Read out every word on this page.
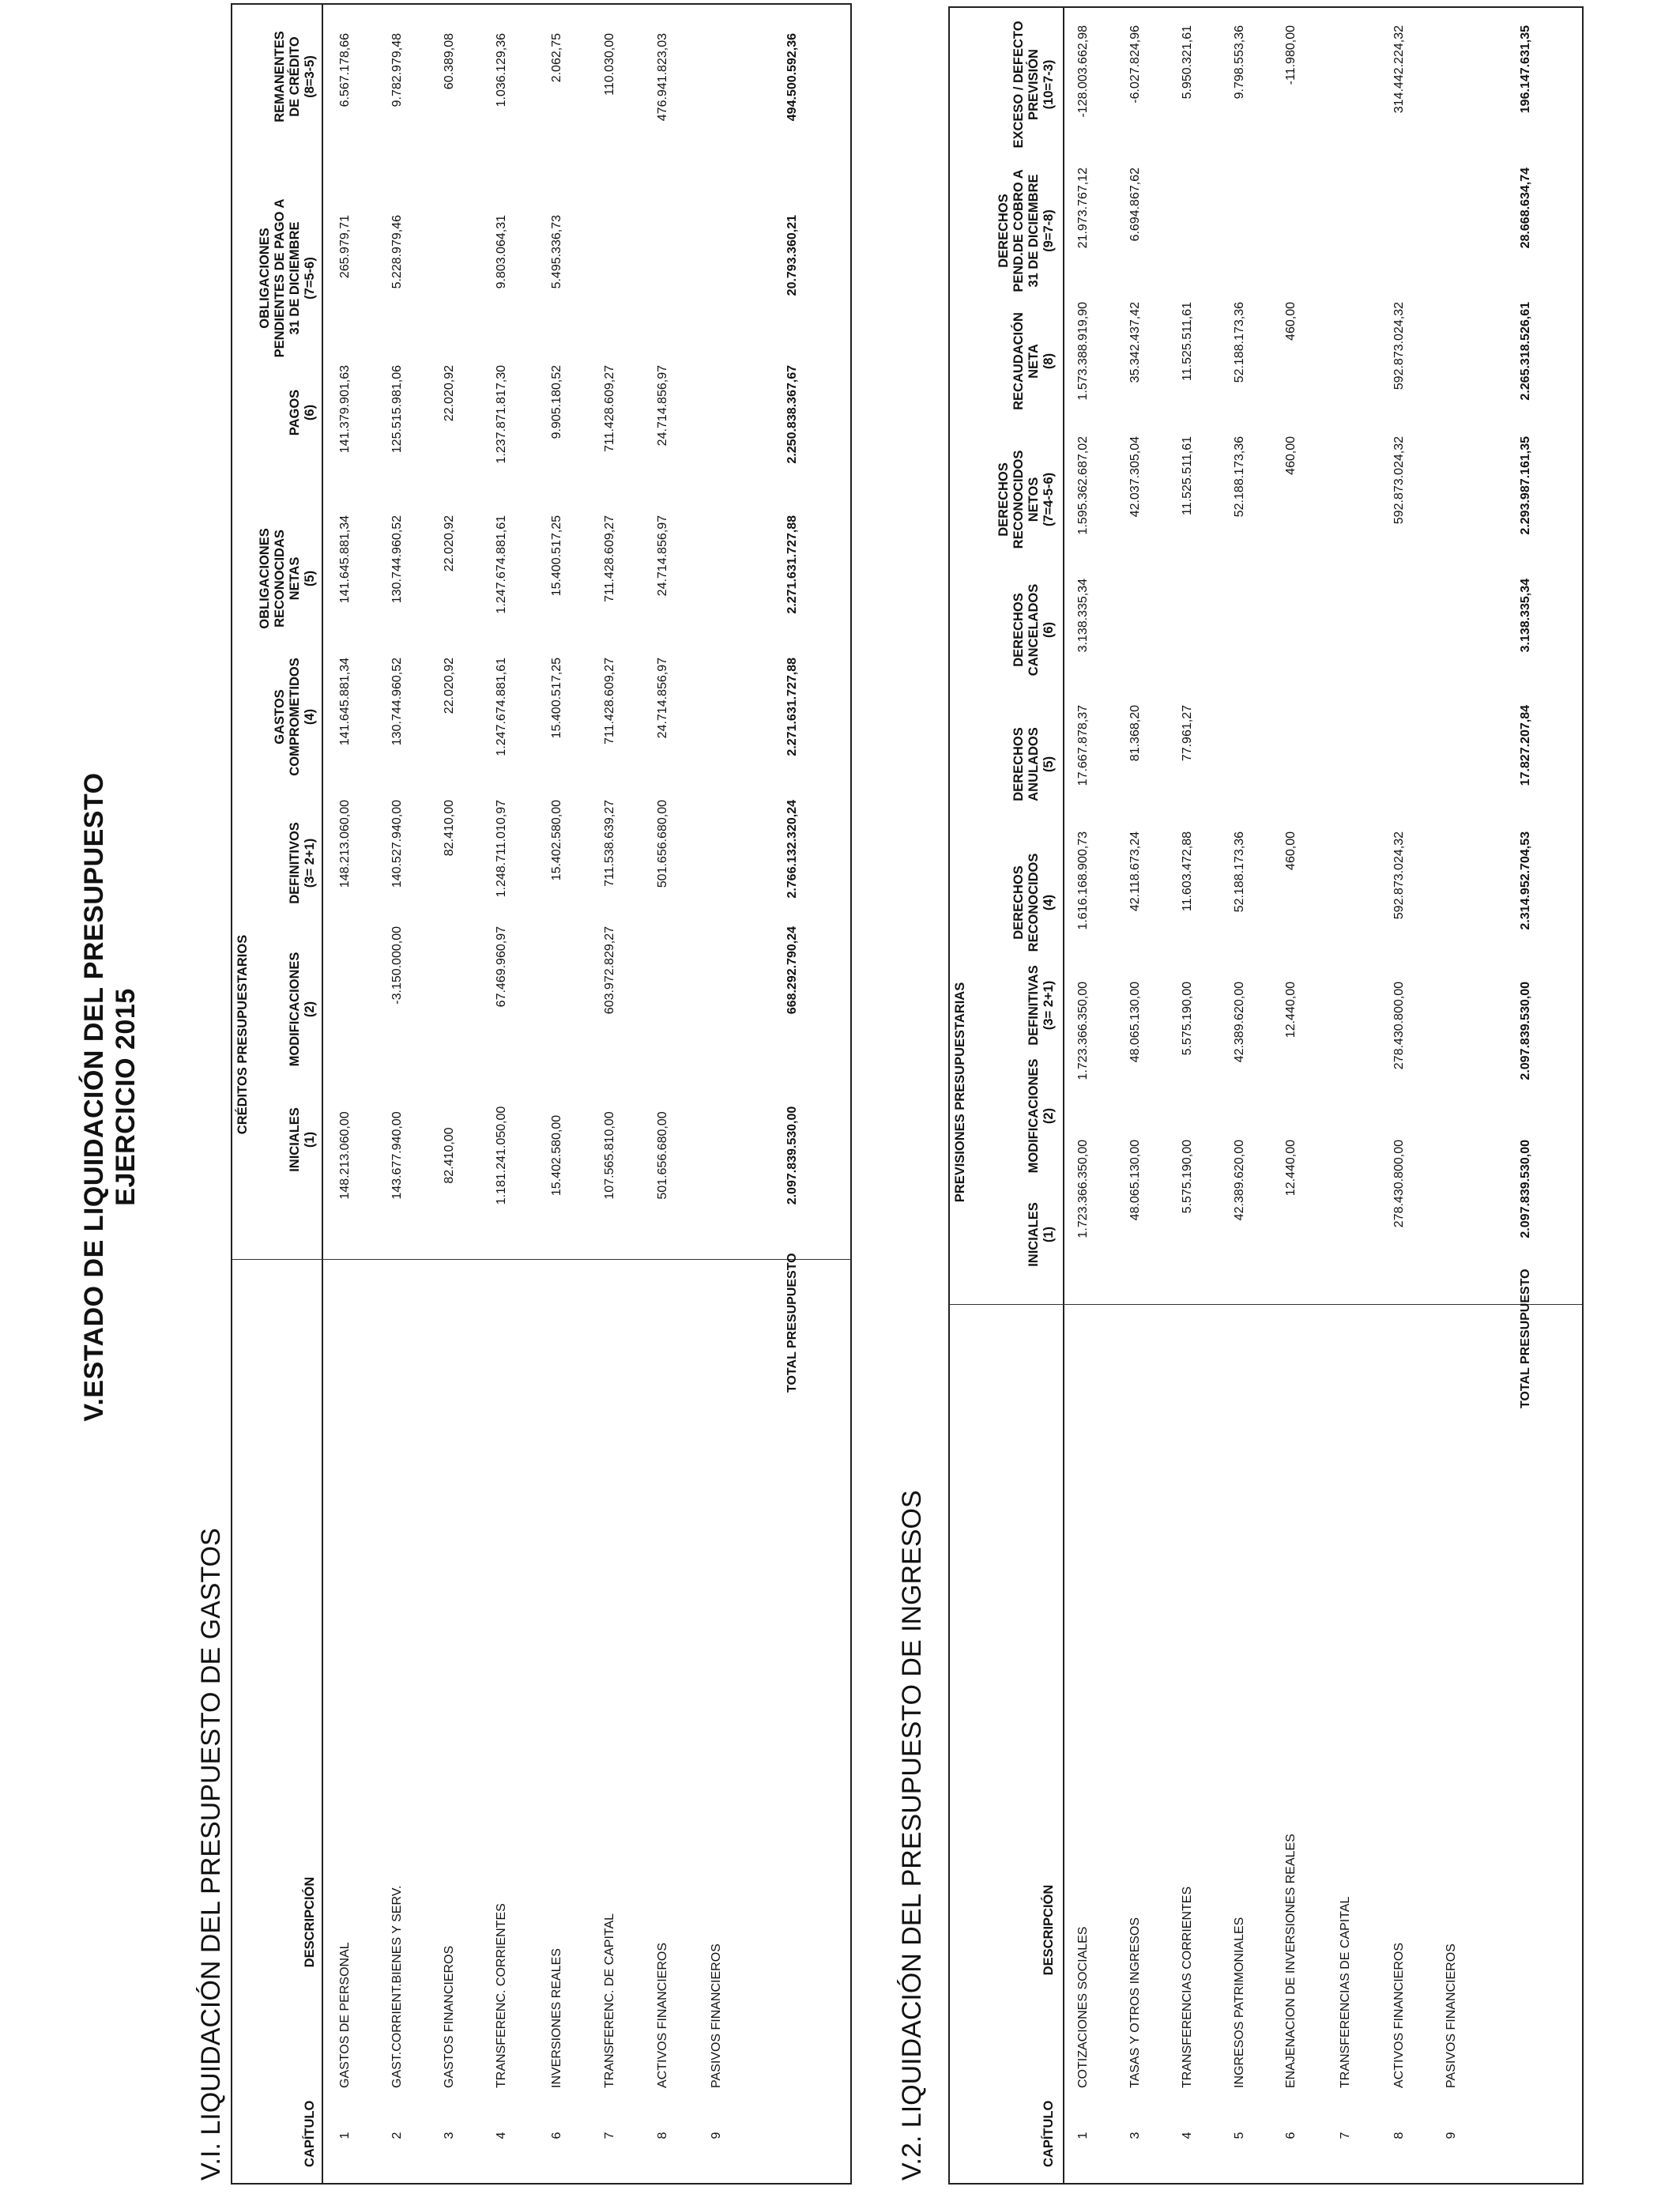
V.ESTADO DE LIQUIDACIÓN DEL PRESUPUESTO EJERCICIO 2015
V.I. LIQUIDACIÓN DEL PRESUPUESTO DE GASTOS
CRÉDITOS PRESUPUESTARIOS
CAPÍTULO
DESCRIPCIÓN
INICIALES (1)
MODIFICACIONES (2)
DEFINITIVOS (3= 2+1)
GASTOS COMPROMETIDOS (4)
OBLIGACIONES RECONOCIDAS NETAS (5)
PAGOS (6)
OBLIGACIONES PENDIENTES DE PAGO A 31 DE DICIEMBRE (7=5-6)
REMANENTES DE CRÉDITO (8=3-5)
1
GASTOS DE PERSONAL
148.213.060,00
148.213.060,00
141.645.881,34
141.645.881,34
141.379.901,63
265.979,71
6.567.178,66
2
GAST.CORRIENT.BIENES Y SERV.
143.677.940,00
-3.150.000,00
140.527.940,00
130.744.960,52
130.744.960,52
125.515.981,06
5.228.979,46
9.782.979,48
3
GASTOS FINANCIEROS
82.410,00
82.410,00
22.020,92
22.020,92
22.020,92
60.389,08
4
TRANSFERENC. CORRIENTES
1.181.241.050,00
67.469.960,97
1.248.711.010,97
1.247.674.881,61
1.247.674.881,61
1.237.871.817,30
9.803.064,31
1.036.129,36
6
INVERSIONES REALES
15.402.580,00
15.402.580,00
15.400.517,25
15.400.517,25
9.905.180,52
5.495.336,73
2.062,75
7
TRANSFERENC. DE CAPITAL
107.565.810,00
603.972.829,27
711.538.639,27
711.428.609,27
711.428.609,27
711.428.609,27
110.030,00
8
ACTIVOS FINANCIEROS
501.656.680,00
501.656.680,00
24.714.856,97
24.714.856,97
24.714.856,97
476.941.823,03
9
PASIVOS FINANCIEROS
TOTAL PRESUPUESTO
2.097.839.530,00
668.292.790,24
2.766.132.320,24
2.271.631.727,88
2.271.631.727,88
2.250.838.367,67
20.793.360,21
494.500.592,36
V.2. LIQUIDACIÓN DEL PRESUPUESTO DE INGRESOS
PREVISIONES PRESUPUESTARIAS
CAPÍTULO
DESCRIPCIÓN
INICIALES (1)
MODIFICACIONES (2)
DEFINITIVAS (3= 2+1)
DERECHOS RECONOCIDOS (4)
DERECHOS ANULADOS (5)
DERECHOS CANCELADOS (6)
DERECHOS RECONOCIDOS NETOS (7=4-5-6)
RECAUDACIÓN NETA (8)
DERECHOS PEND.DE COBRO A 31 DE DICIEMBRE (9=7-8)
EXCESO / DEFECTO PREVISIÓN (10=7-3)
1
COTIZACIONES SOCIALES
1.723.366.350,00
1.723.366.350,00
1.616.168.900,73
17.667.878,37
3.138.335,34
1.595.362.687,02
1.573.388.919,90
21.973.767,12
-128.003.662,98
3
TASAS Y OTROS INGRESOS
48.065.130,00
48.065.130,00
42.118.673,24
81.368,20
42.037.305,04
35.342.437,42
6.694.867,62
-6.027.824,96
4
TRANSFERENCIAS CORRIENTES
5.575.190,00
5.575.190,00
11.603.472,88
77.961,27
11.525.511,61
11.525.511,61
5.950.321,61
5
INGRESOS PATRIMONIALES
42.389.620,00
42.389.620,00
52.188.173,36
52.188.173,36
52.188.173,36
9.798.553,36
6
ENAJENACION DE INVERSIONES REALES
12.440,00
12.440,00
460,00
460,00
460,00
-11.980,00
7
TRANSFERENCIAS DE CAPITAL
8
ACTIVOS FINANCIEROS
278.430.800,00
278.430.800,00
592.873.024,32
592.873.024,32
592.873.024,32
314.442.224,32
9
PASIVOS FINANCIEROS
TOTAL PRESUPUESTO
2.097.839.530,00
2.097.839.530,00
2.314.952.704,53
17.827.207,84
3.138.335,34
2.293.987.161,35
2.265.318.526,61
28.668.634,74
196.147.631,35
